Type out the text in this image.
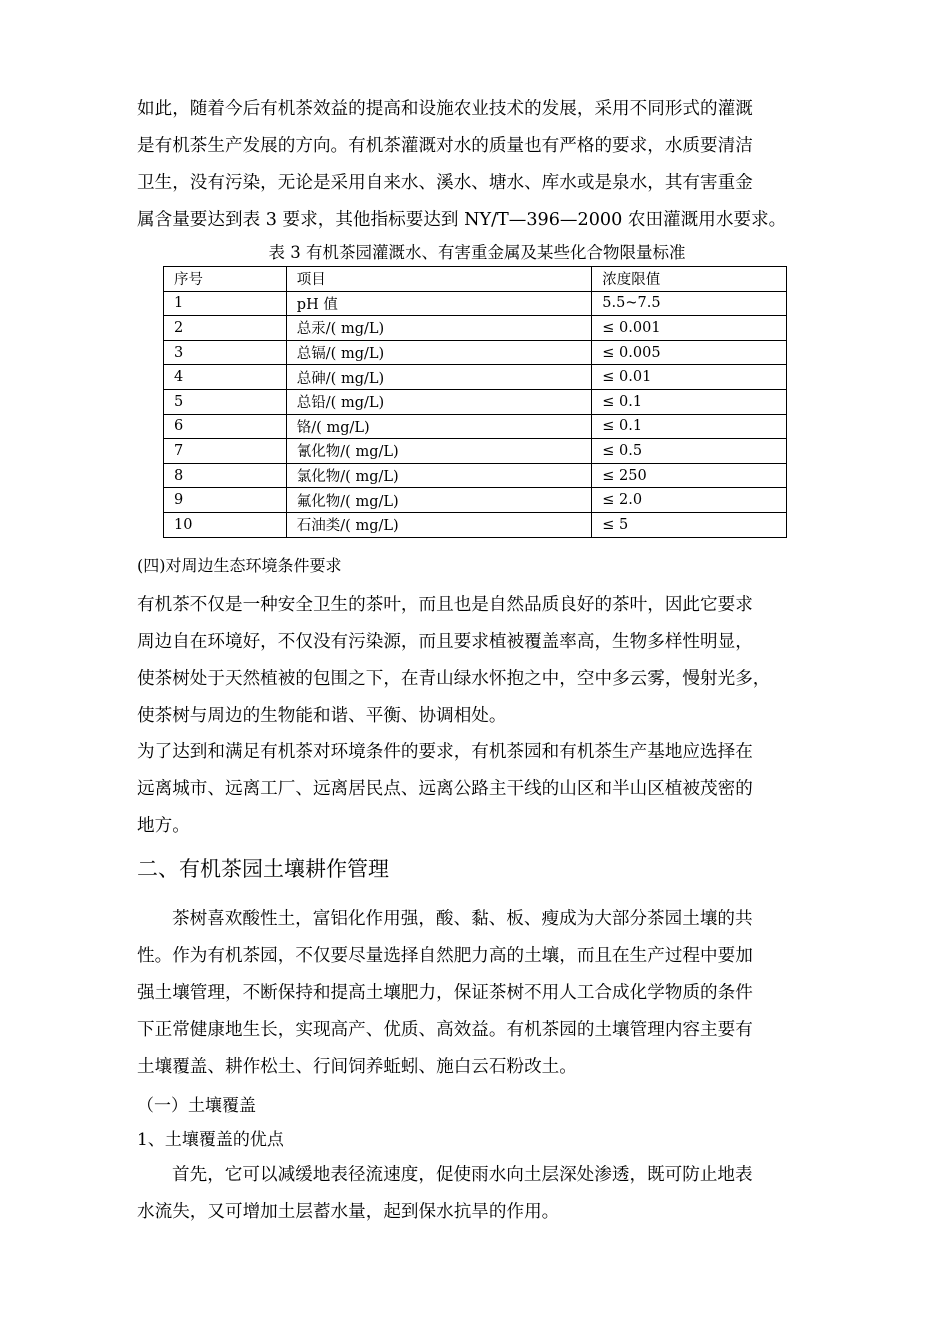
如此，随着今后有机茶效益的提高和设施农业技术的发展，采用不同形式的灌溉
是有机茶生产发展的方向。有机茶灌溉对水的质量也有严格的要求，水质要清洁
卫生，没有污染，无论是采用自来水、溪水、塘水、库水或是泉水，其有害重金
属含量要达到表 3 要求，其他指标要达到 NY/T—396—2000 农田灌溉用水要求。

表 3 有机茶园灌溉水、有害重金属及某些化合物限量标准

序号	项目	浓度限值
1	pH 值	5.5~7.5
2	总汞/( mg/L)	≤ 0.001
3	总镉/( mg/L)	≤ 0.005
4	总砷/( mg/L)	≤ 0.01
5	总铅/( mg/L)	≤ 0.1
6	铬/( mg/L)	≤ 0.1
7	氰化物/( mg/L)	≤ 0.5
8	氯化物/( mg/L)	≤ 250
9	氟化物/( mg/L)	≤ 2.0
10	石油类/( mg/L)	≤ 5

(四)对周边生态环境条件要求

有机茶不仅是一种安全卫生的茶叶，而且也是自然品质良好的茶叶，因此它要求
周边自在环境好，不仅没有污染源，而且要求植被覆盖率高，生物多样性明显，
使茶树处于天然植被的包围之下，在青山绿水怀抱之中，空中多云雾，慢射光多，
使茶树与周边的生物能和谐、平衡、协调相处。

为了达到和满足有机茶对环境条件的要求，有机茶园和有机茶生产基地应选择在
远离城市、远离工厂、远离居民点、远离公路主干线的山区和半山区植被茂密的
地方。

二、有机茶园土壤耕作管理

茶树喜欢酸性土，富铝化作用强，酸、黏、板、瘦成为大部分茶园土壤的共
性。作为有机茶园，不仅要尽量选择自然肥力高的土壤，而且在生产过程中要加
强土壤管理，不断保持和提高土壤肥力，保证茶树不用人工合成化学物质的条件
下正常健康地生长，实现高产、优质、高效益。有机茶园的土壤管理内容主要有
土壤覆盖、耕作松土、行间饲养蚯蚓、施白云石粉改土。

（一）土壤覆盖

1、土壤覆盖的优点

首先，它可以减缓地表径流速度，促使雨水向土层深处渗透，既可防止地表
水流失，又可增加土层蓄水量，起到保水抗旱的作用。
